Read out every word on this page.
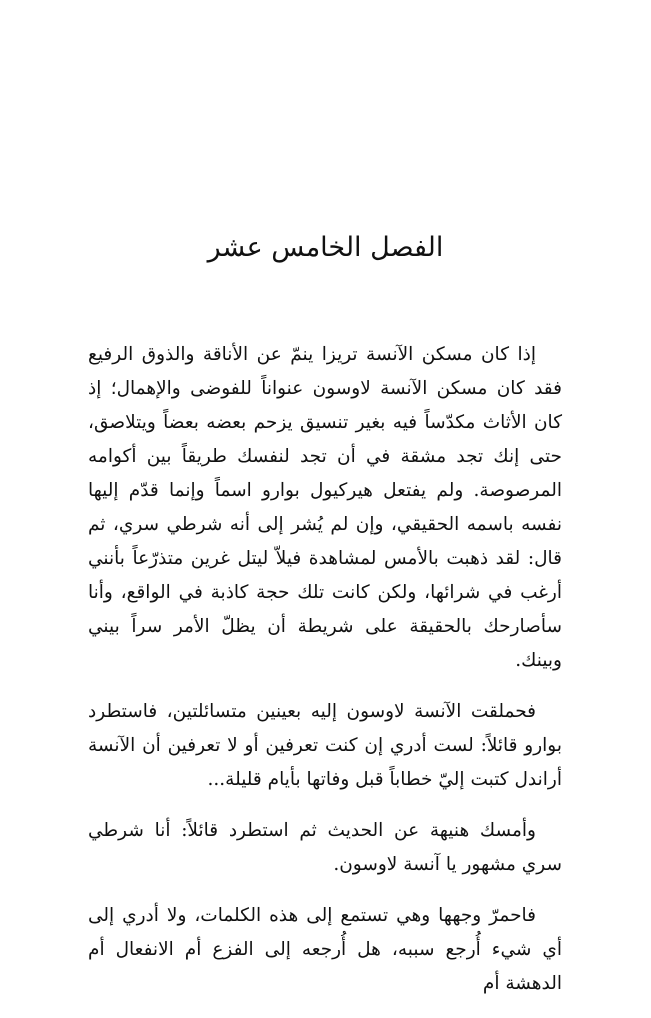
الفصل الخامس عشر

إذا كان مسكن الآنسة تريزا ينمّ عن الأناقة والذوق الرفيع فقد كان مسكن الآنسة لاوسون عنواناً للفوضى والإهمال؛ إذ كان الأثاث مكدّساً فيه بغير تنسيق يزحم بعضه بعضاً ويتلاصق، حتى إنك تجد مشقة في أن تجد لنفسك طريقاً بين أكوامه المرصوصة. ولم يفتعل هيركيول بوارو اسماً وإنما قدّم إليها نفسه باسمه الحقيقي، وإن لم يُشر إلى أنه شرطي سري، ثم قال: لقد ذهبت بالأمس لمشاهدة فيلاّ ليتل غرين متذرّعاً بأنني أرغب في شرائها، ولكن كانت تلك حجة كاذبة في الواقع، وأنا سأصارحك بالحقيقة على شريطة أن يظلّ الأمر سراً بيني وبينك.

فحملقت الآنسة لاوسون إليه بعينين متسائلتين، فاستطرد بوارو قائلاً: لست أدري إن كنت تعرفين أو لا تعرفين أن الآنسة أراندل كتبت إليّ خطاباً قبل وفاتها بأيام قليلة...

وأمسك هنيهة عن الحديث ثم استطرد قائلاً: أنا شرطي سري مشهور يا آنسة لاوسون.

فاحمرّ وجهها وهي تستمع إلى هذه الكلمات، ولا أدري إلى أي شيء أُرجع سببه، هل أُرجعه إلى الفزع أم الانفعال أم الدهشة أم
